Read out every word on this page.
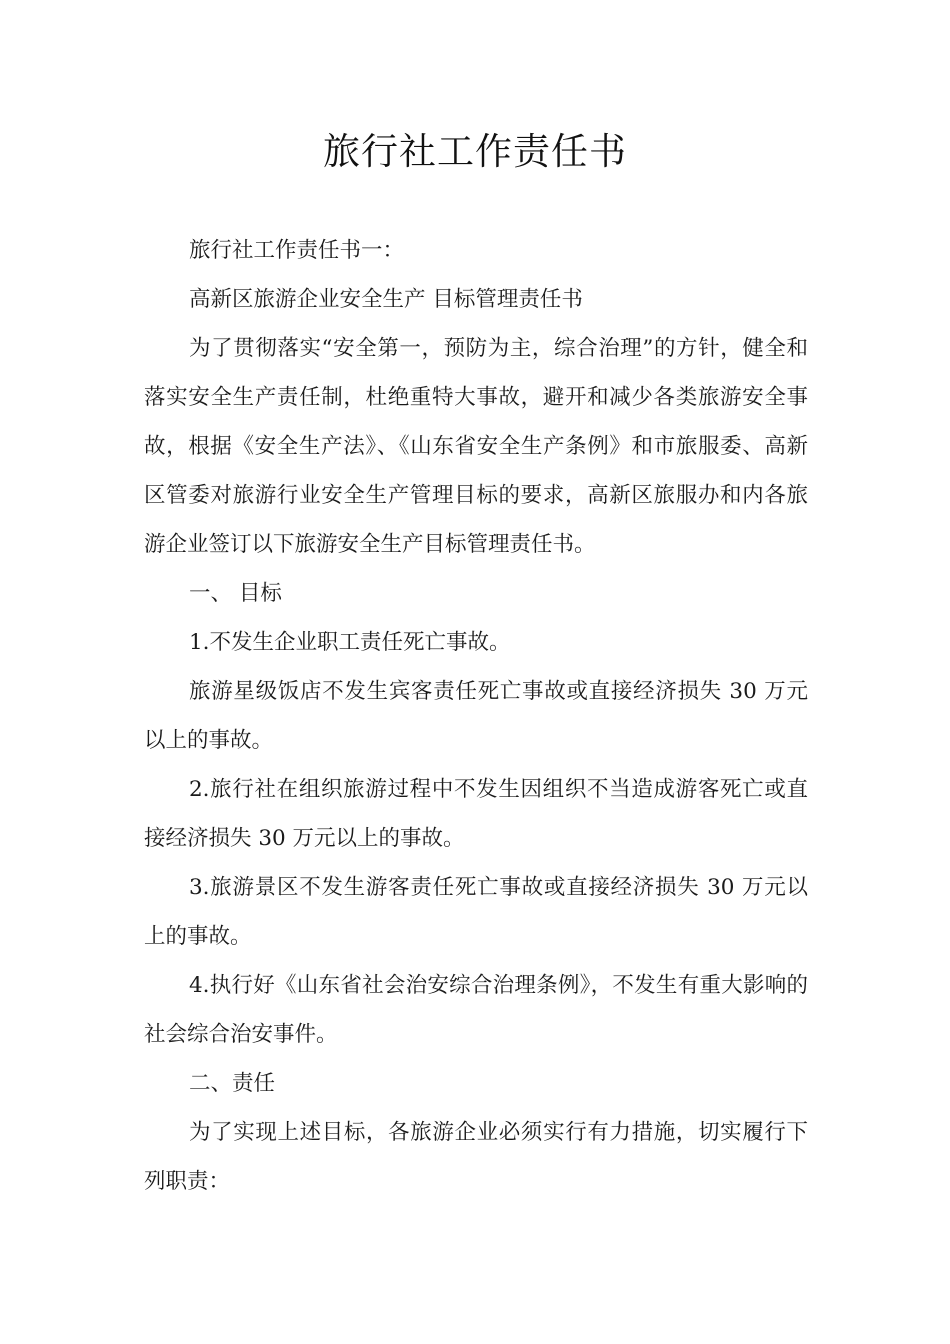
旅行社工作责任书

旅行社工作责任书一：

高新区旅游企业安全生产 目标管理责任书

为了贯彻落实“安全第一，预防为主，综合治理”的方针，健全和落实安全生产责任制，杜绝重特大事故，避开和减少各类旅游安全事故，根据《安全生产法》、《山东省安全生产条例》和市旅服委、高新区管委对旅游行业安全生产管理目标的要求，高新区旅服办和内各旅游企业签订以下旅游安全生产目标管理责任书。

一、 目标

1.不发生企业职工责任死亡事故。

旅游星级饭店不发生宾客责任死亡事故或直接经济损失 30 万元以上的事故。

2.旅行社在组织旅游过程中不发生因组织不当造成游客死亡或直接经济损失 30 万元以上的事故。

3.旅游景区不发生游客责任死亡事故或直接经济损失 30 万元以上的事故。

4.执行好《山东省社会治安综合治理条例》，不发生有重大影响的社会综合治安事件。

二、责任

为了实现上述目标，各旅游企业必须实行有力措施，切实履行下列职责：
